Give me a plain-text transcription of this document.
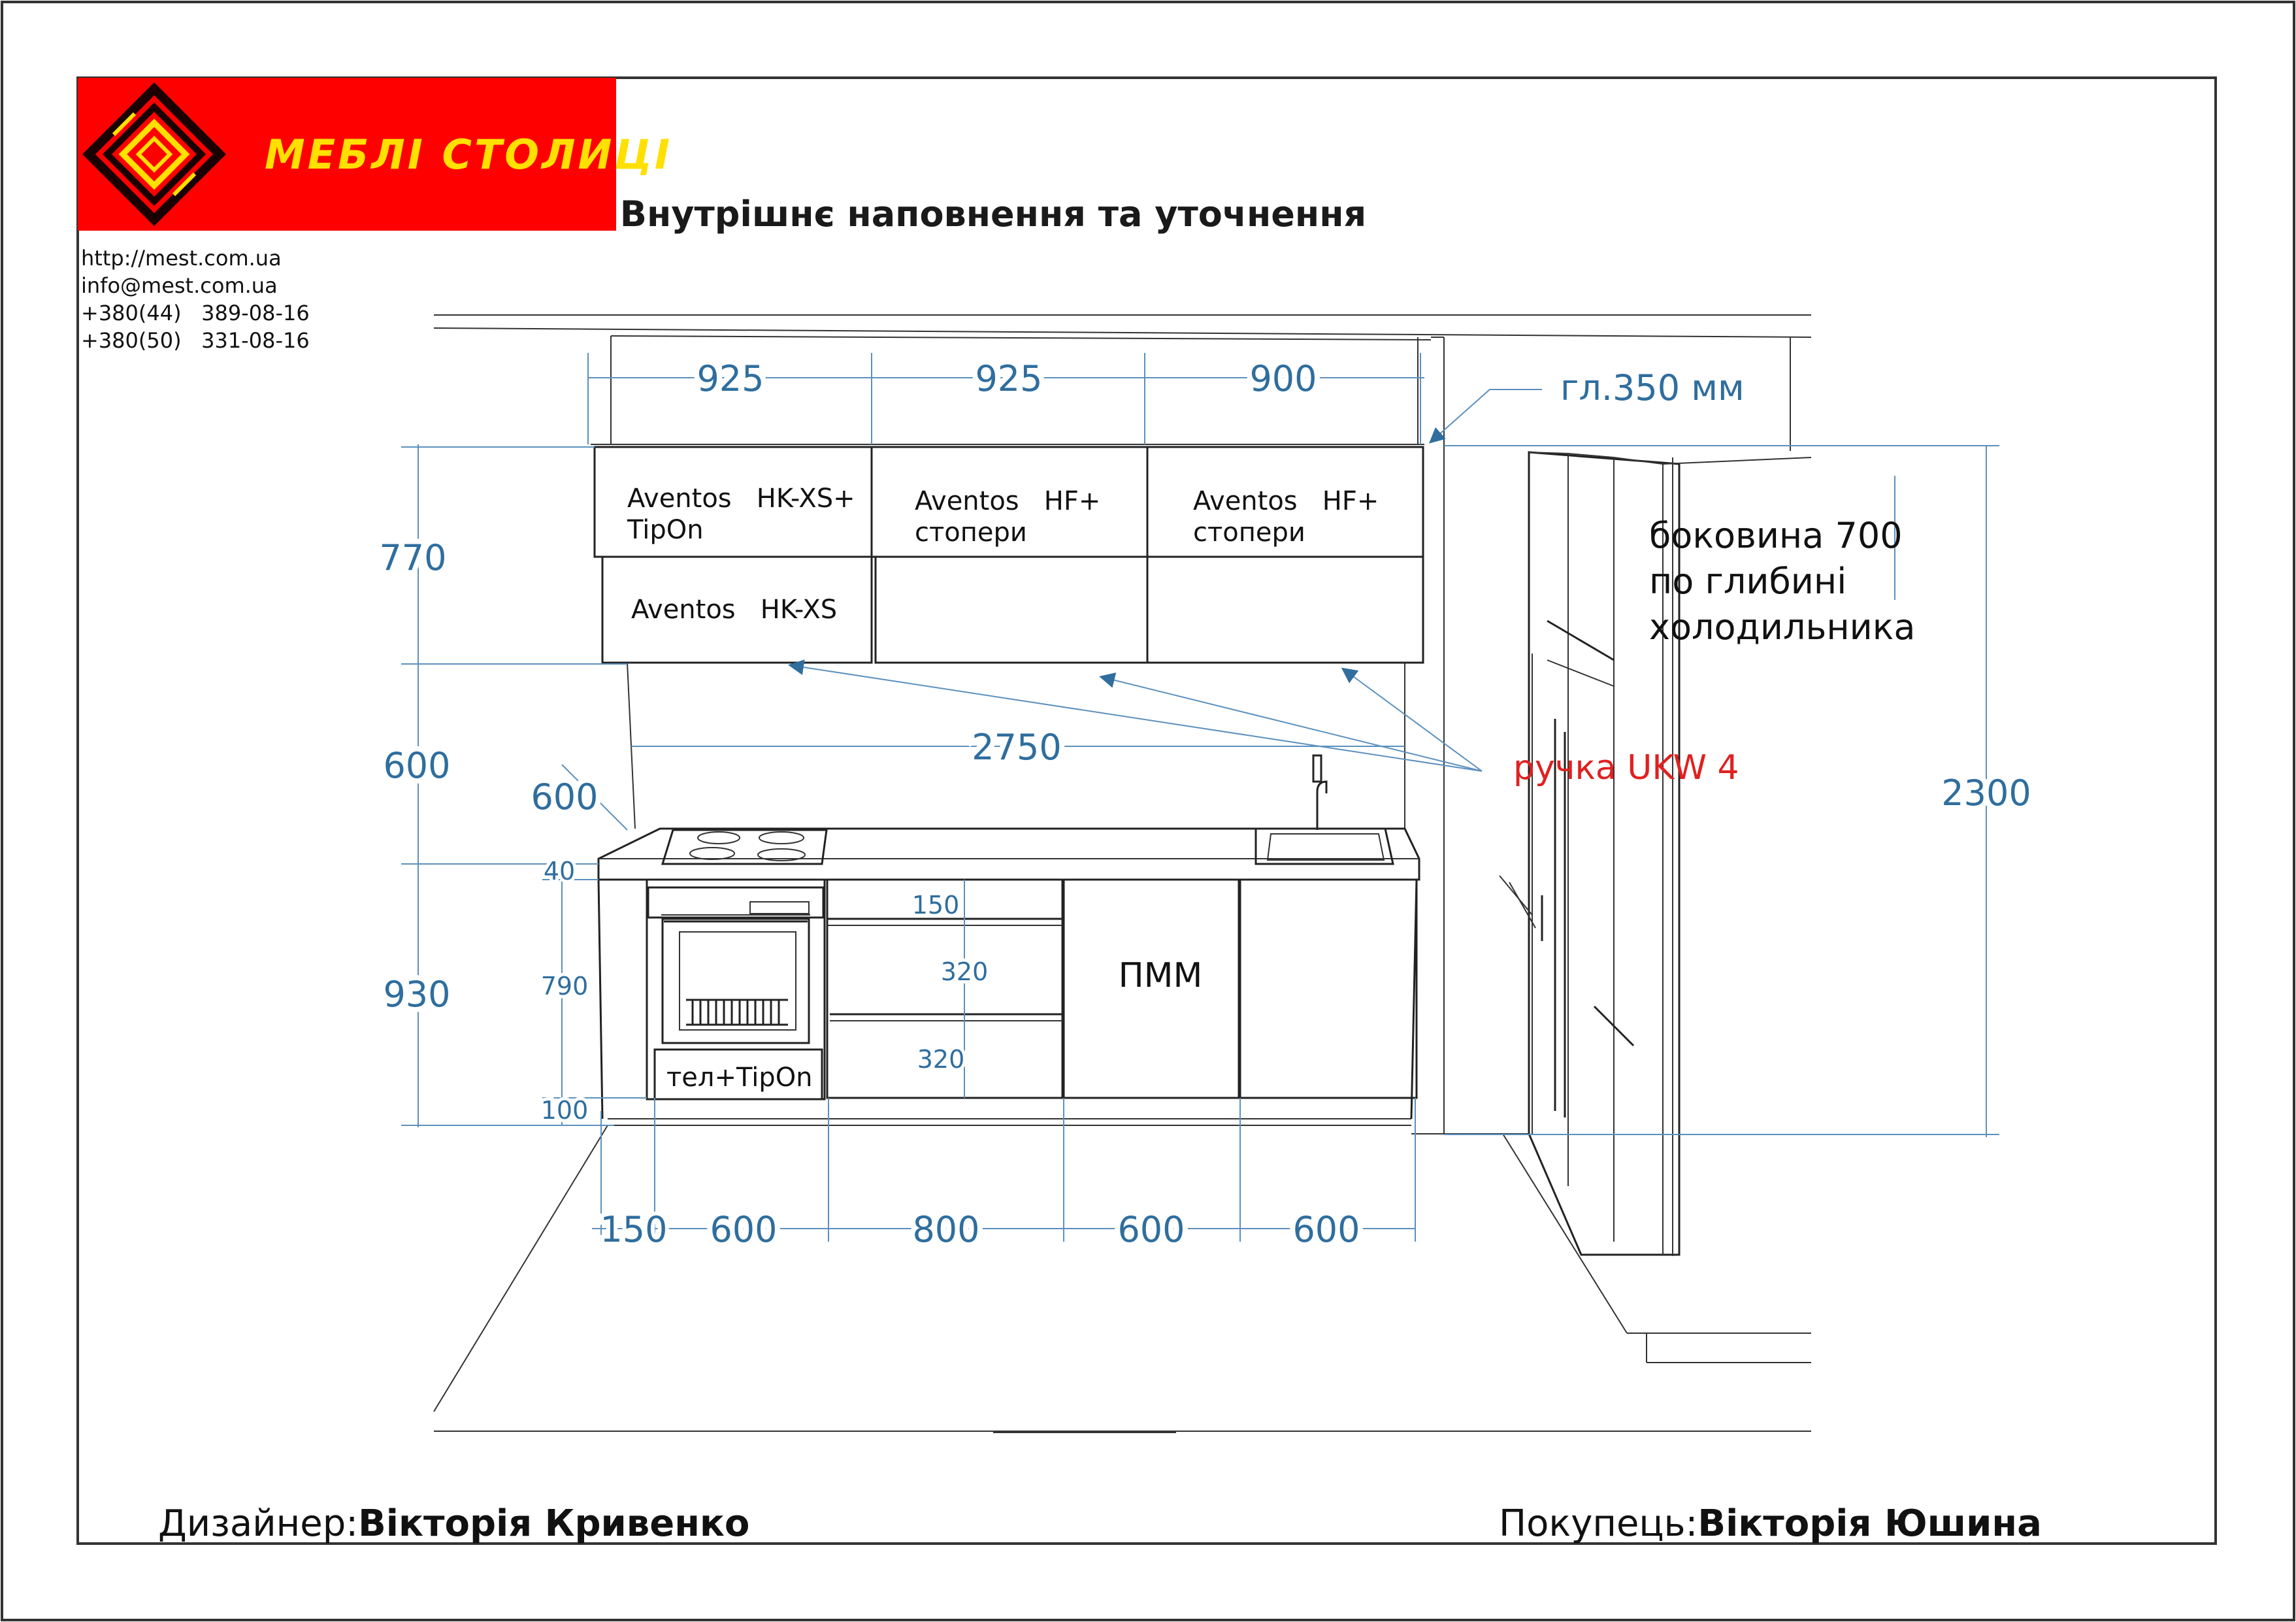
МЕБЛІ СТОЛИЦІ
http://mest.com.ua
info@mest.com.ua
+380(44)   389-08-16
+380(50)   331-08-16
Внутрішнє наповнення та уточнення
925	925	900	гл.350 мм
770
600
930
2750
600
40
790
100
150
320
320
2300
150 600	800	600	600
Aventos   HK-XS+
TipOn
Aventos   HK-XS
Aventos   HF+
стопери
Aventos   HF+
стопери
тел+TipOn
ПММ
ручка UKW 4
боковина 700
по глибині
холодильника
Дизайнер:Вікторія Кривенко	Покупець:Вікторія Юшина
